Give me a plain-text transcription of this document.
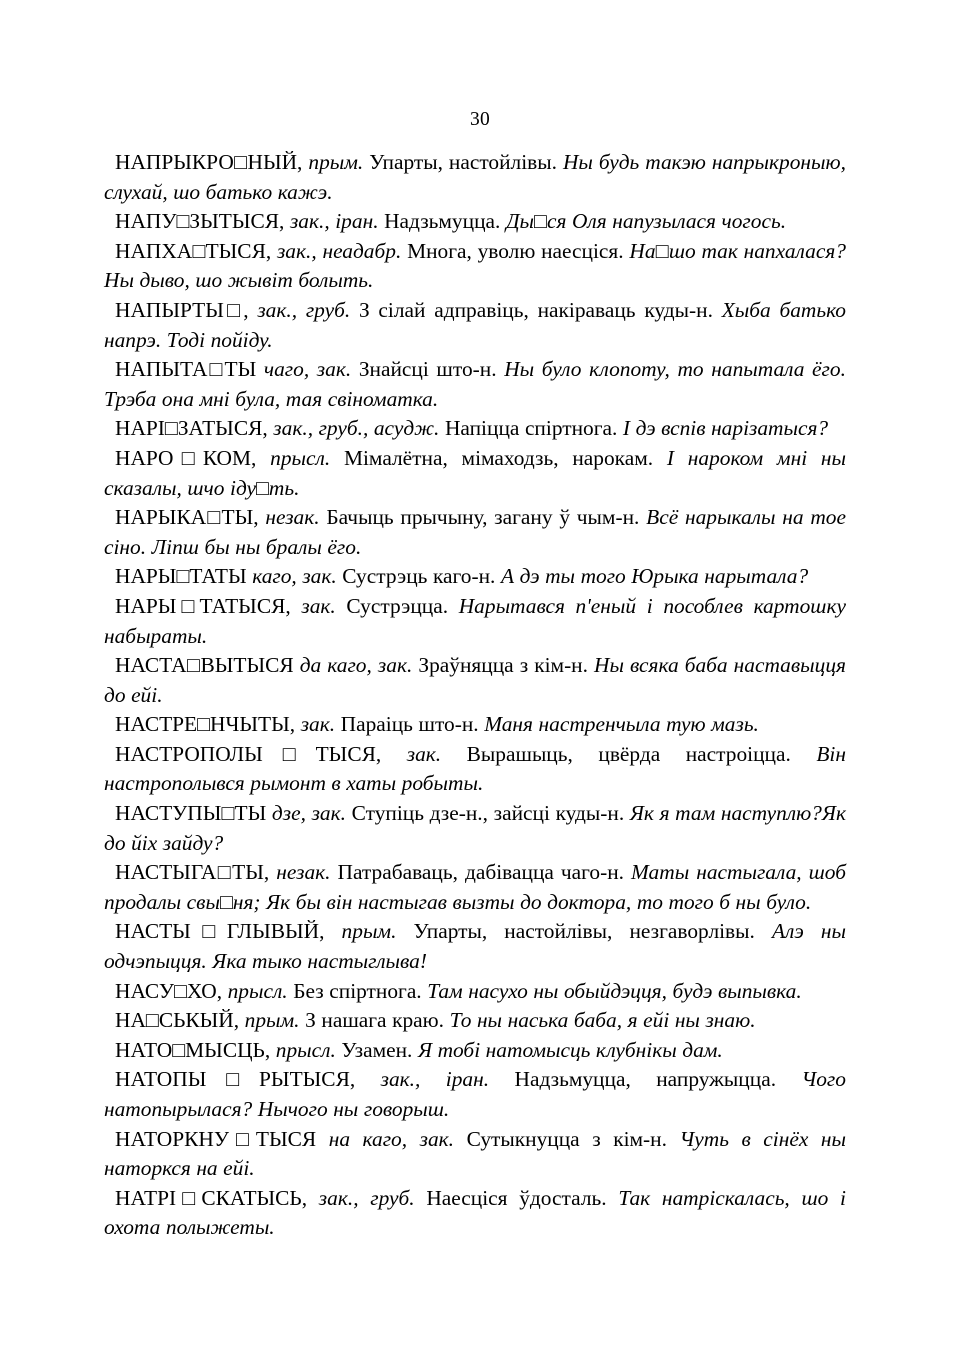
30

НАПРЫКРО□НЫЙ, прым. Упарты, настойлівы. Ны будь такэю напрыкроныю, слухай, шо батько кажэ.

НАПУ□ЗЫТЫСЯ, зак., іран. Надзьмуцца. Ды□ся Оля напузылася чогось.

НАПХА□ТЫСЯ, зак., неадабр. Многа, уволю наесціся. На□шо так напхалася? Ны дыво, шо жывіт болыть.

НАПЫРТЫ□, зак., груб. З сілай адправіць, накіраваць куды-н. Хыба батько напрэ. Тоді пойіду.

НАПЫТА□ТЫ чаго, зак. Знайсці што-н. Ны було клопоту, то напытала ёго. Трэба она мні була, тая свіноматка.

НАРІ□ЗАТЫСЯ, зак., груб., асудж. Напіцца спіртнога. І дэ вспів нарізатыся?

НАРО□КОМ, прысл. Мімалётна, мімаходзь, нарокам. І нароком мні ны сказалы, шчо іду□ть.

НАРЫКА□ТЫ, незак. Бачыць прычыну, загану ў чым-н. Всё нарыкалы на тое сіно. Ліпш бы ны бралы ёго.

НАРЫ□ТАТЫ каго, зак. Сустрэць каго-н. А дэ ты того Юрыка нарытала?

НАРЫ□ТАТЫСЯ, зак. Сустрэцца. Нарытався п'еный і пособлев картошку набыраты.

НАСТА□ВЫТЫСЯ да каго, зак. Зраўняцца з кім-н. Ны всяка баба наставыцця до ейі.

НАСТРЕ□НЧЫТЫ, зак. Параіць што-н. Маня настренчыла тую мазь.

НАСТРОПОЛЫ□ТЫСЯ, зак. Вырашыць, цвёрда настроіцца. Він настрополывся рымонт в хаты робыты.

НАСТУПЫ□ТЫ дзе, зак. Ступіць дзе-н., зайсці куды-н. Як я там наступлю?Як до йіх зайду?

НАСТЫГА□ТЫ, незак. Патрабаваць, дабівацца чаго-н. Маты настыгала, шоб продалы свы□ня; Як бы він настыгав вызты до доктора, то того б ны було.

НАСТЫ□ГЛЫВЫЙ, прым. Упарты, настойлівы, незгаворлівы. Алэ ны одчэпыцця. Яка тыко настыглыва!

НАСУ□ХО, прысл. Без спіртнога. Там насухо ны обыйдэцця, будэ выпывка.

НА□СЬКЫЙ, прым. З нашага краю. То ны наська баба, я ейі ны знаю.

НАТО□МЫСЦЬ, прысл. Узамен. Я тобі натомысць клубнікы дам.

НАТОПЫ□РЫТЫСЯ, зак., іран. Надзьмуцца, напружыцца. Чого натопырылася? Нычого ны говорыш.

НАТОРКНУ□ТЫСЯ на каго, зак. Сутыкнуцца з кім-н. Чуть в сінёх ны наторкся на ейі.

НАТРІ□СКАТЫСЬ, зак., груб. Наесціся ўдосталь. Так натріскалась, шо і охота полыжеты.
